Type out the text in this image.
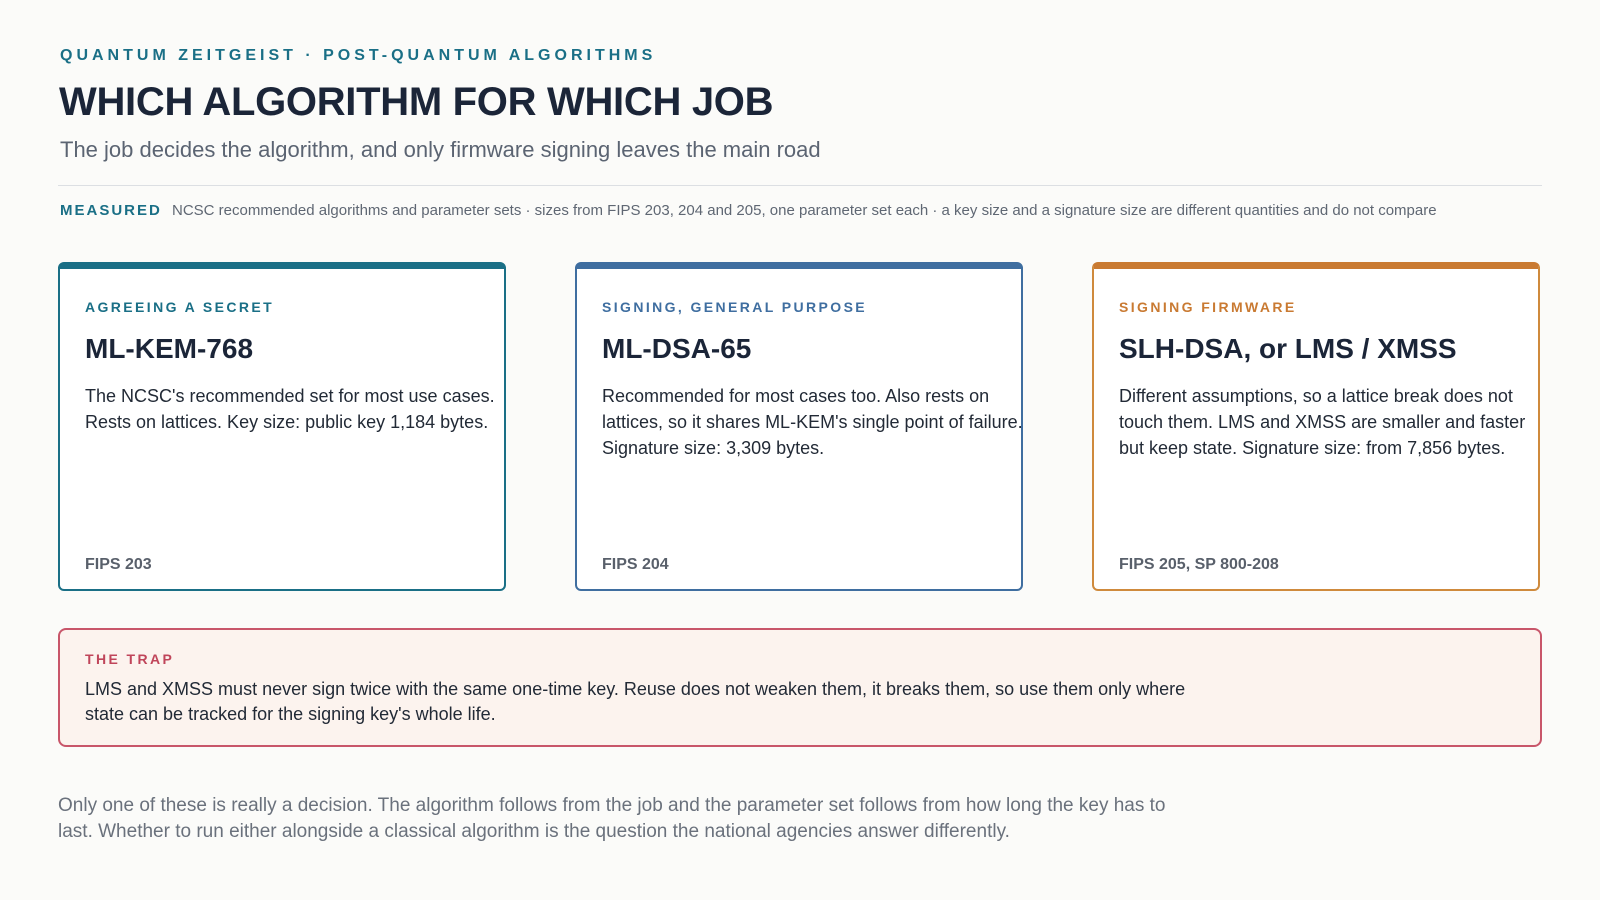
QUANTUM ZEITGEIST · POST-QUANTUM ALGORITHMS
WHICH ALGORITHM FOR WHICH JOB
The job decides the algorithm, and only firmware signing leaves the main road
MEASURED NCSC recommended algorithms and parameter sets · sizes from FIPS 203, 204 and 205, one parameter set each · a key size and a signature size are different quantities and do not compare
AGREEING A SECRET
ML-KEM-768
The NCSC's recommended set for most use cases. Rests on lattices. Key size: public key 1,184 bytes.
FIPS 203
SIGNING, GENERAL PURPOSE
ML-DSA-65
Recommended for most cases too. Also rests on lattices, so it shares ML-KEM's single point of failure. Signature size: 3,309 bytes.
FIPS 204
SIGNING FIRMWARE
SLH-DSA, or LMS / XMSS
Different assumptions, so a lattice break does not touch them. LMS and XMSS are smaller and faster but keep state. Signature size: from 7,856 bytes.
FIPS 205, SP 800-208
THE TRAP
LMS and XMSS must never sign twice with the same one-time key. Reuse does not weaken them, it breaks them, so use them only where state can be tracked for the signing key's whole life.
Only one of these is really a decision. The algorithm follows from the job and the parameter set follows from how long the key has to last. Whether to run either alongside a classical algorithm is the question the national agencies answer differently.
